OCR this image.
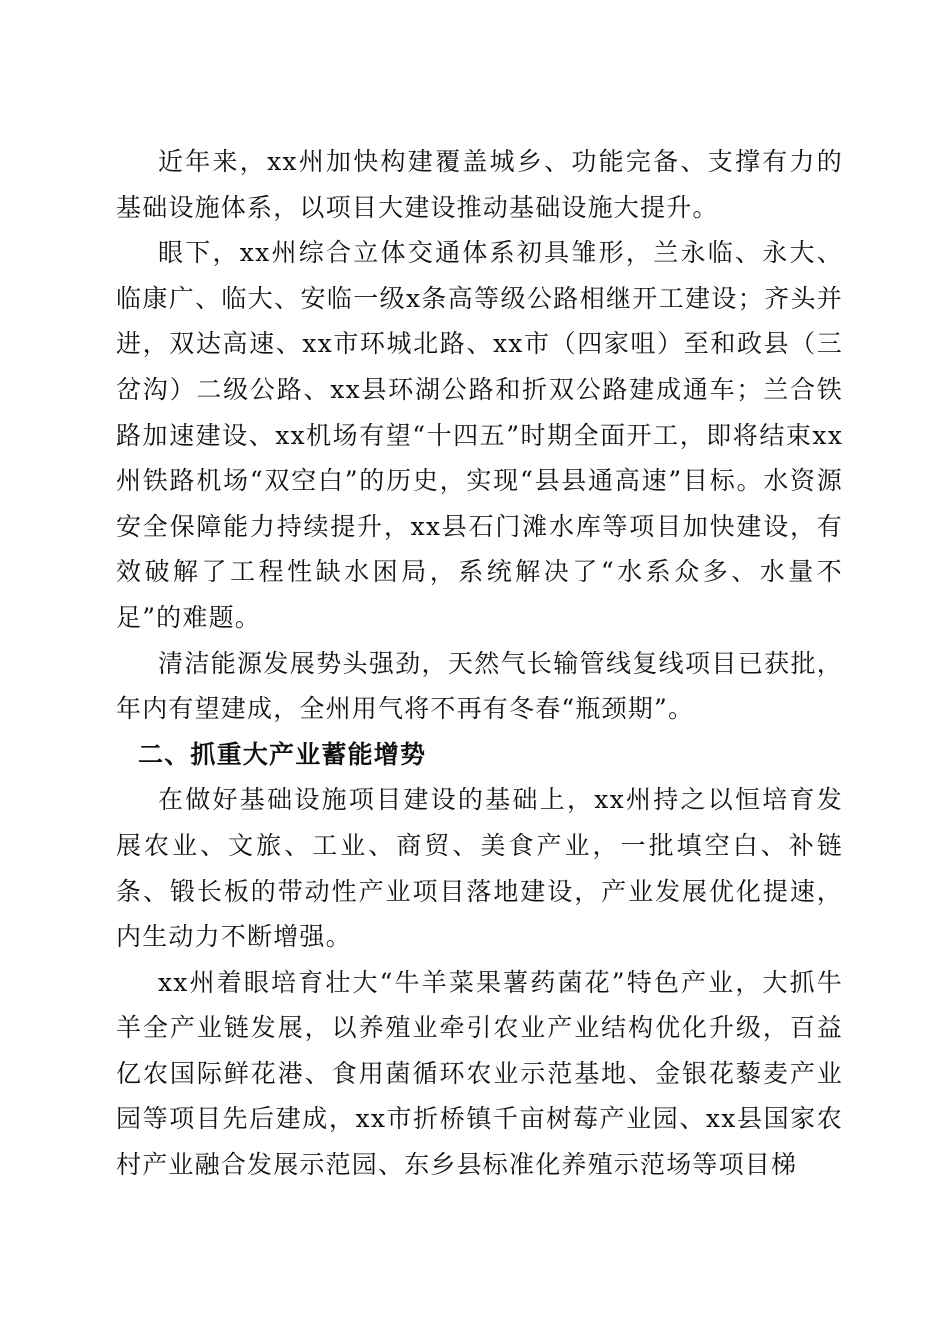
近年来，xx州加快构建覆盖城乡、功能完备、支撑有力的基础设施体系，以项目大建设推动基础设施大提升。

眼下，xx州综合立体交通体系初具雏形，兰永临、永大、临康广、临大、安临一级x条高等级公路相继开工建设；齐头并进，双达高速、xx市环城北路、xx市（四家咀）至和政县（三岔沟）二级公路、xx县环湖公路和折双公路建成通车；兰合铁路加速建设、xx机场有望“十四五”时期全面开工，即将结束xx州铁路机场“双空白”的历史，实现“县县通高速”目标。水资源安全保障能力持续提升，xx县石门滩水库等项目加快建设，有效破解了工程性缺水困局，系统解决了“水系众多、水量不足”的难题。

清洁能源发展势头强劲，天然气长输管线复线项目已获批，年内有望建成，全州用气将不再有冬春“瓶颈期”。

二、抓重大产业蓄能增势

在做好基础设施项目建设的基础上，xx州持之以恒培育发展农业、文旅、工业、商贸、美食产业，一批填空白、补链条、锻长板的带动性产业项目落地建设，产业发展优化提速，内生动力不断增强。

xx州着眼培育壮大“牛羊菜果薯药菌花”特色产业，大抓牛羊全产业链发展，以养殖业牵引农业产业结构优化升级，百益亿农国际鲜花港、食用菌循环农业示范基地、金银花藜麦产业园等项目先后建成，xx市折桥镇千亩树莓产业园、xx县国家农村产业融合发展示范园、东乡县标准化养殖示范场等项目梯
